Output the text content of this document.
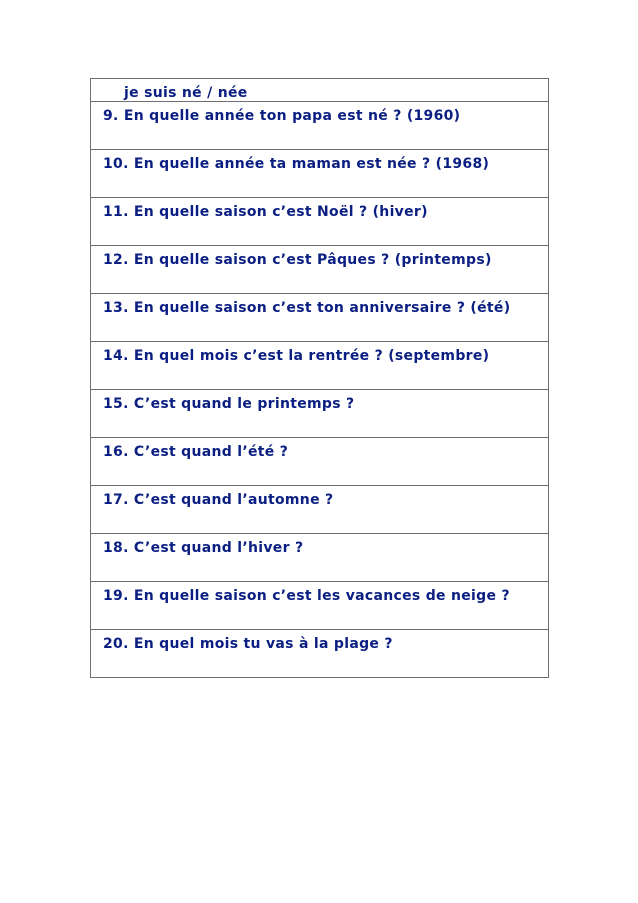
je suis né / née
9. En quelle année ton papa est né ? (1960)
10. En quelle année ta maman est née ? (1968)
11. En quelle saison c’est Noël ? (hiver)
12. En quelle saison c’est Pâques ? (printemps)
13. En quelle saison c’est ton anniversaire ? (été)
14. En quel mois c’est la rentrée ? (septembre)
15. C’est quand le printemps ?
16. C’est quand l’été ?
17. C’est quand l’automne ?
18. C’est quand l’hiver ?
19. En quelle saison c’est les vacances de neige ?
20. En quel mois tu vas à la plage ?
